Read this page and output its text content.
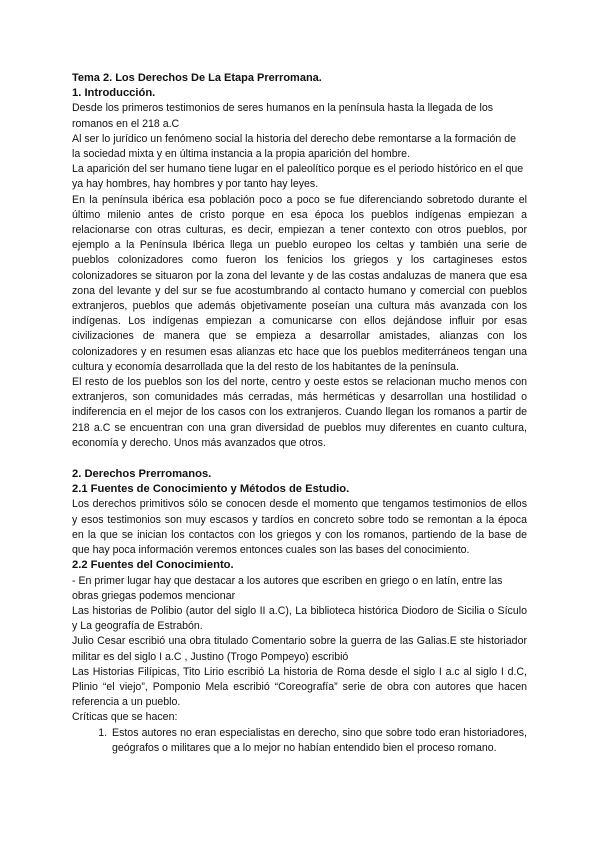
Tema 2. Los Derechos De La Etapa Prerromana.

1. Introducción.

Desde los primeros testimonios de seres humanos en la península hasta la llegada de los romanos en el 218 a.C

Al ser lo jurídico un fenómeno social la historia del derecho debe remontarse a la formación de la sociedad mixta y en última instancia a la propia aparición del hombre.

La aparición del ser humano tiene lugar en el paleolítico porque es el periodo histórico en el que ya hay hombres, hay hombres y por tanto hay leyes.

En la península ibérica esa población poco a poco se fue diferenciando sobretodo durante el último milenio antes de cristo porque en esa época los pueblos indígenas empiezan a relacionarse con otras culturas, es decir, empiezan a tener contexto con otros pueblos, por ejemplo a la Península Ibérica llega un pueblo europeo los celtas y también una serie de pueblos colonizadores como fueron los fenicios los griegos y los cartagineses estos colonizadores se situaron por la zona del levante y de las costas andaluzas de manera que esa zona del levante y del sur se fue acostumbrando al contacto humano y comercial con pueblos extranjeros, pueblos que además objetivamente poseían una cultura más avanzada con los indígenas. Los indígenas empiezan a comunicarse con ellos dejándose influir por esas civilizaciones de manera que se empieza a desarrollar amistades, alianzas con los colonizadores y en resumen esas alianzas etc hace que los pueblos mediterráneos tengan una cultura y economía desarrollada que la del resto de los habitantes de la península.

El resto de los pueblos son los del norte, centro y oeste estos se relacionan mucho menos con extranjeros, son comunidades más cerradas, más herméticas y desarrollan una hostilidad o indiferencia en el mejor de los casos con los extranjeros. Cuando llegan los romanos a partir de 218 a.C se encuentran con una gran diversidad de pueblos muy diferentes en cuanto cultura, economía y derecho. Unos más avanzados que otros.

2. Derechos Prerromanos.

2.1 Fuentes de Conocimiento y Métodos de Estudio.

Los derechos primitivos sólo se conocen desde el momento que tengamos testimonios de ellos y esos testimonios son muy escasos y tardíos en concreto sobre todo se remontan a la época en la que se inician los contactos con los griegos y con los romanos, partiendo de la base de que hay poca información veremos entonces cuales son las bases del conocimiento.

2.2 Fuentes del Conocimiento.

- En primer lugar hay que destacar a los autores que escriben en griego o en latín, entre las obras griegas podemos mencionar

Las historias de Polibio (autor del siglo II a.C), La biblioteca histórica Diodoro de Sicilia o Sículo y La geografía de Estrabón.

Julio Cesar escribió una obra titulado Comentario sobre la guerra de las Galias.E ste historiador militar es del siglo I a.C , Justino (Trogo Pompeyo) escribió

Las Historias Filípicas, Tito Lirio escribió La historia de Roma desde el siglo I a.c al siglo I d.C, Plinio “el viejo”, Pomponio Mela escribió “Coreografía” serie de obra con autores que hacen referencia a un pueblo.

Críticas que se hacen:

1. Estos autores no eran especialistas en derecho, sino que sobre todo eran historiadores, geógrafos o militares que a lo mejor no habían entendido bien el proceso romano.
